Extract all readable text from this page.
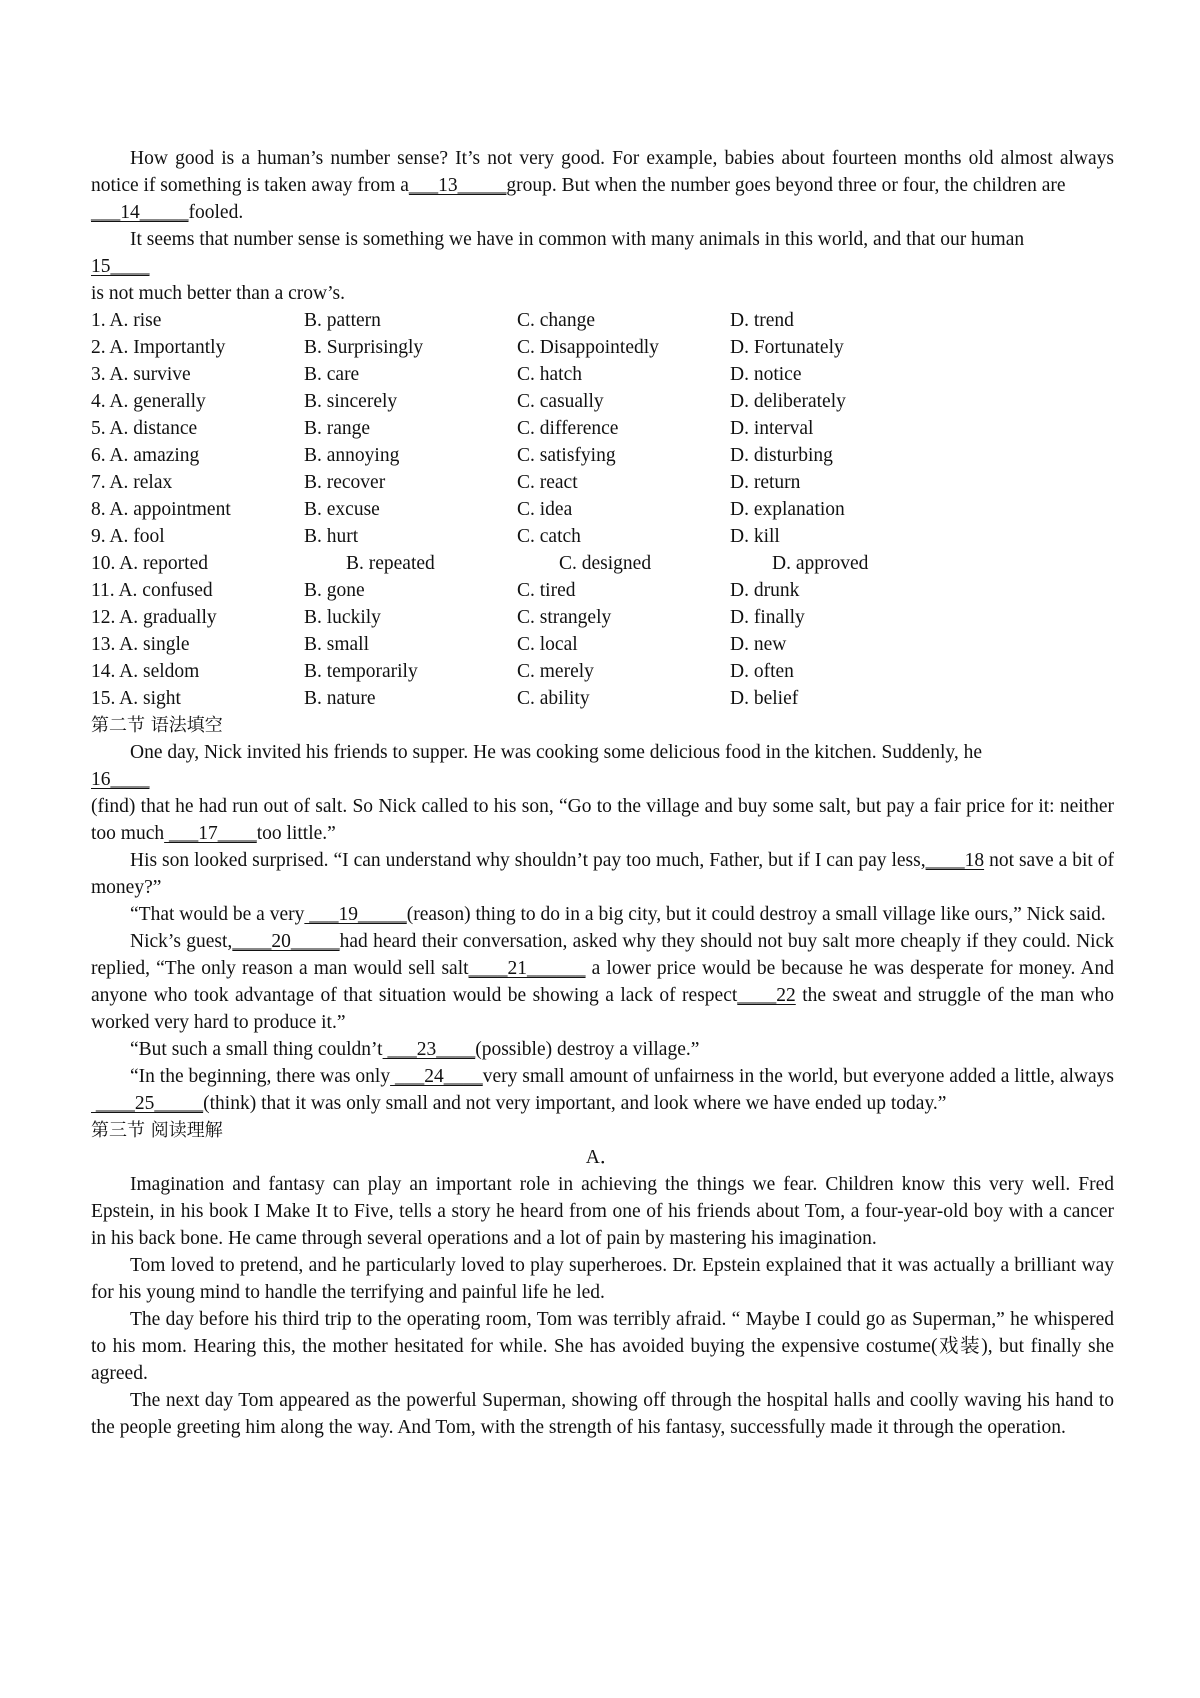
How good is a human’s number sense? It’s not very good. For example, babies about fourteen months old almost always notice if something is taken away from a___13_____group. But when the number goes beyond three or four, the children are

___14_____fooled.

It seems that number sense is something we have in common with many animals in this world, and that our human

15____

is not much better than a crow’s.

1. A. rise	B. pattern	C. change	D. trend
2. A. Importantly	B. Surprisingly	C. Disappointedly	D. Fortunately
3. A. survive	B. care	C. hatch	D. notice
4. A. generally	B. sincerely	C. casually	D. deliberately
5. A. distance	B. range	C. difference	D. interval
6. A. amazing	B. annoying	C. satisfying	D. disturbing
7. A. relax	B. recover	C. react	D. return
8. A. appointment	B. excuse	C. idea	D. explanation
9. A. fool	B. hurt	C. catch	D. kill
10. A. reported	B. repeated	C. designed	D. approved
11. A. confused	B. gone	C. tired	D. drunk
12. A. gradually	B. luckily	C. strangely	D. finally
13. A. single	B. small	C. local	D. new
14. A. seldom	B. temporarily	C. merely	D. often
15. A. sight	B. nature	C. ability	D. belief

第二节 语法填空

One day, Nick invited his friends to supper. He was cooking some delicious food in the kitchen. Suddenly, he

16____

(find) that he had run out of salt. So Nick called to his son, “Go to the village and buy some salt, but pay a fair price for it: neither too much ___17____too little.”

His son looked surprised. “I can understand why shouldn’t pay too much, Father, but if I can pay less,____18 not save a bit of money?”

“That would be a very ___19_____(reason) thing to do in a big city, but it could destroy a small village like ours,” Nick said.

Nick’s guest,____20_____had heard their conversation, asked why they should not buy salt more cheaply if they could. Nick replied, “The only reason a man would sell salt____21______ a lower price would be because he was desperate for money. And anyone who took advantage of that situation would be showing a lack of respect____22 the sweat and struggle of the man who worked very hard to produce it.”

“But such a small thing couldn’t ___23____(possible) destroy a village.”

“In the beginning, there was only ___24____very small amount of unfairness in the world, but everyone added a little, always ____25_____(think) that it was only small and not very important, and look where we have ended up today.”

第三节 阅读理解

A．

Imagination and fantasy can play an important role in achieving the things we fear. Children know this very well. Fred Epstein, in his book I Make It to Five, tells a story he heard from one of his friends about Tom, a four-year-old boy with a cancer in his back bone. He came through several operations and a lot of pain by mastering his imagination.

Tom loved to pretend, and he particularly loved to play superheroes. Dr. Epstein explained that it was actually a brilliant way for his young mind to handle the terrifying and painful life he led.

The day before his third trip to the operating room, Tom was terribly afraid. “ Maybe I could go as Superman,” he whispered to his mom. Hearing this, the mother hesitated for while. She has avoided buying the expensive costume(戏装), but finally she agreed.

The next day Tom appeared as the powerful Superman, showing off through the hospital halls and coolly waving his hand to the people greeting him along the way. And Tom, with the strength of his fantasy, successfully made it through the operation.
